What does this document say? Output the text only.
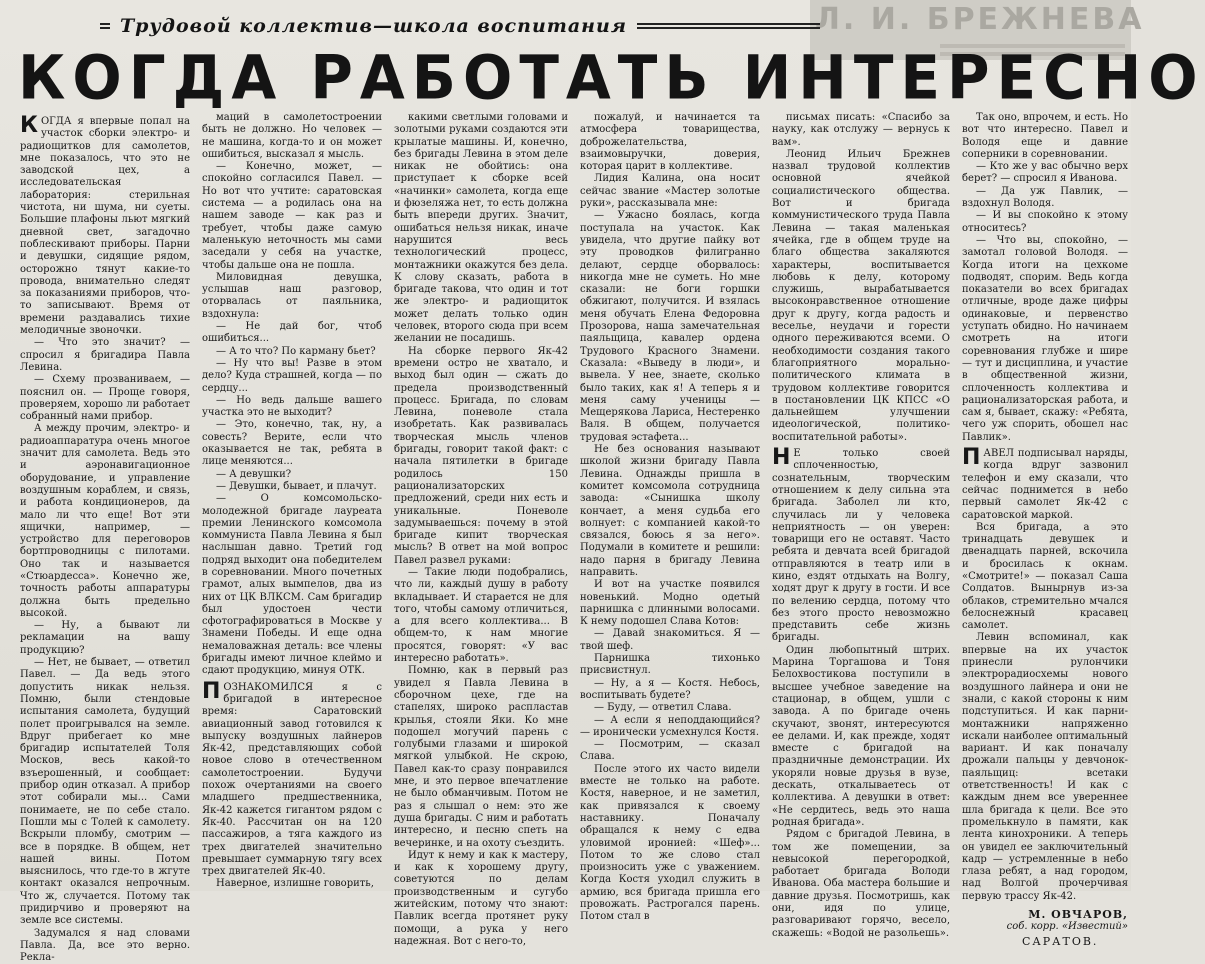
Л. И. БРЕЖНЕВА
Трудовой коллектив—школа воспитания
КОГДА РАБОТАТЬ ИНТЕРЕСНО

КОГДА я впервые попал на участок сборки электро- и радиощитков для самолетов, мне показалось, что это не заводской цех, а исследовательская лаборатория: стерильная чистота, ни шума, ни суеты. Большие плафоны льют мягкий дневной свет, загадочно поблескивают приборы. Парни и девушки, сидящие рядом, осторожно тянут какие-то провода, внимательно следят за показаниями приборов, что-то записывают. Время от времени раздавались тихие мелодичные звоночки.

— Что это значит? — спросил я бригадира Павла Левина.

— Схему прозваниваем, — пояснил он. — Проще говоря, проверяем, хорошо ли работает собранный нами прибор.

А между прочим, электро- и радиоаппаратура очень многое значит для самолета. Ведь это и аэронавигационное оборудование, и управление воздушным кораблем, и связь, и работа кондиционеров, да мало ли что еще! Вот эти ящички, например, — устройство для переговоров бортпроводницы с пилотами. Оно так и называется «Стюардесса». Конечно же, точность работы аппаратуры должна быть предельно высокой.

— Ну, а бывают ли рекламации на вашу продукцию?

— Нет, не бывает, — ответил Павел. — Да ведь этого допустить никак нельзя. Помню, были стендовые испытания самолета, будущий полет проигрывался на земле. Вдруг прибегает ко мне бригадир испытателей Толя Москов, весь какой-то взъерошенный, и сообщает: прибор один отказал. А прибор этот собирали мы... Сами понимаете, не по себе стало. Пошли мы с Толей к самолету. Вскрыли пломбу, смотрим — все в порядке. В общем, нет нашей вины. Потом выяснилось, что где-то в жгуте контакт оказался непрочным. Что ж, случается. Потому так придирчиво и проверяют на земле все системы.

Задумался я над словами Павла. Да, все это верно. Рекла-

маций в самолетостроении быть не должно. Но человек — не машина, когда-то и он может ошибиться, высказал я мысль.

— Конечно, может, — спокойно согласился Павел. — Но вот что учтите: саратовская система — а родилась она на нашем заводе — как раз и требует, чтобы даже самую маленькую неточность мы сами заседали у себя на участке, чтобы дальше она не пошла.

Миловидная девушка, услышав наш разговор, оторвалась от паяльника, вздохнула:

— Не дай бог, чтоб ошибиться...

— А то что? По карману бьет?

— Ну что вы! Разве в этом дело? Куда страшней, когда — по сердцу...

— Но ведь дальше вашего участка это не выходит?

— Это, конечно, так, ну, а совесть? Верите, если что оказывается не так, ребята в лице меняются...

— А девушки?

— Девушки, бывает, и плачут.

— О комсомольско-молодежной бригаде лауреата премии Ленинского комсомола коммуниста Павла Левина я был наслышан давно. Третий год подряд выходит она победителем в соревновании. Много почетных грамот, алых вымпелов, два из них от ЦК ВЛКСМ. Сам бригадир был удостоен чести сфотографироваться в Москве у Знамени Победы. И еще одна немаловажная деталь: все члены бригады имеют личное клеймо и сдают продукцию, минуя ОТК.

ПОЗНАКОМИЛСЯ я с бригадой в интересное время: Саратовский авиационный завод готовился к выпуску воздушных лайнеров Як-42, представляющих собой новое слово в отечественном самолетостроении. Будучи похож очертаниями на своего младшего предшественника, Як-42 кажется гигантом рядом с Як-40. Рассчитан он на 120 пассажиров, а тяга каждого из трех двигателей значительно превышает суммарную тягу всех трех двигателей Як-40.

Наверное, излишне говорить,

какими светлыми головами и золотыми руками создаются эти крылатые машины. И, конечно, без бригады Левина в этом деле никак не обойтись: она приступает к сборке всей «начинки» самолета, когда еще и фюзеляжа нет, то есть должна быть впереди других. Значит, ошибаться нельзя никак, иначе нарушится весь технологический процесс, монтажники окажутся без дела. К слову сказать, работа в бригаде такова, что один и тот же электро- и радиощиток может делать только один человек, второго сюда при всем желании не посадишь.

На сборке первого Як-42 времени остро не хватало, и выход был один — сжать до предела производственный процесс. Бригада, по словам Левина, поневоле стала изобретать. Как развивалась творческая мысль членов бригады, говорит такой факт: с начала пятилетки в бригаде родилось 150 рационализаторских предложений, среди них есть и уникальные. Поневоле задумываешься: почему в этой бригаде кипит творческая мысль? В ответ на мой вопрос Павел развел руками:

— Такие люди подобрались, что ли, каждый душу в работу вкладывает. И старается не для того, чтобы самому отличиться, а для всего коллектива... В общем-то, к нам многие просятся, говорят: «У вас интересно работать».

Помню, как в первый раз увидел я Павла Левина в сборочном цехе, где на стапелях, широко распластав крылья, стояли Яки. Ко мне подошел могучий парень с голубыми глазами и широкой мягкой улыбкой. Не скрою, Павел как-то сразу понравился мне, и это первое впечатление не было обманчивым. Потом не раз я слышал о нем: это же душа бригады. С ним и работать интересно, и песню спеть на вечеринке, и на охоту съездить.

Идут к нему и как к мастеру, и как к хорошему другу, советуются по делам производственным и сугубо житейским, потому что знают: Павлик всегда протянет руку помощи, а рука у него надежная. Вот с него-то,

пожалуй, и начинается та атмосфера товарищества, доброжелательства, взаимовыручки, доверия, которая царит в коллективе.

Лидия Калина, она носит сейчас звание «Мастер золотые руки», рассказывала мне:

— Ужасно боялась, когда поступала на участок. Как увидела, что другие пайку вот эту проводков филигранно делают, сердце оборвалось: никогда мне не суметь. Но мне сказали: не боги горшки обжигают, получится. И взялась меня обучать Елена Федоровна Прозорова, наша замечательная паяльщица, кавалер ордена Трудового Красного Знамени. Сказала: «Выведу в люди», и вывела. У нее, знаете, сколько было таких, как я! А теперь я и меня саму ученицы — Мещерякова Лариса, Нестеренко Валя. В общем, получается трудовая эстафета...

Не без основания называют школой жизни бригаду Павла Левина. Однажды пришла в комитет комсомола сотрудница завода: «Сынишка школу кончает, а меня судьба его волнует: с компанией какой-то связался, боюсь я за него». Подумали в комитете и решили: надо парня в бригаду Левина направить.

И вот на участке появился новенький. Модно одетый парнишка с длинными волосами. К нему подошел Слава Котов:

— Давай знакомиться. Я — твой шеф.

Парнишка тихонько присвистнул.

— Ну, а я — Костя. Небось, воспитывать будете?

— Буду, — ответил Слава.

— А если я неподдающийся? — иронически усмехнулся Костя.

— Посмотрим, — сказал Слава.

После этого их часто видели вместе не только на работе. Костя, наверное, и не заметил, как привязался к своему наставнику. Поначалу обращался к нему с едва уловимой иронией: «Шеф»... Потом то же слово стал произносить уже с уважением. Когда Костя уходил служить в армию, вся бригада пришла его провожать. Растрогался парень. Потом стал в

письмах писать: «Спасибо за науку, как отслужу — вернусь к вам».

Леонид Ильич Брежнев назвал трудовой коллектив основной ячейкой социалистического общества. Вот и бригада коммунистического труда Павла Левина — такая маленькая ячейка, где в общем труде на благо общества закаляются характеры, воспитывается любовь к делу, которому служишь, вырабатывается высоконравственное отношение друг к другу, когда радость и веселье, неудачи и горести одного переживаются всеми. О необходимости создания такого благоприятного морально-политического климата в трудовом коллективе говорится в постановлении ЦК КПСС «О дальнейшем улучшении идеологической, политико-воспитательной работы».

НЕ только своей сплоченностью, сознательным, творческим отношением к делу сильна эта бригада. Заболел ли кто, случилась ли у человека неприятность — он уверен: товарищи его не оставят. Часто ребята и девчата всей бригадой отправляются в театр или в кино, ездят отдыхать на Волгу, ходят друг к другу в гости. И все по велению сердца, потому что без этого просто невозможно представить себе жизнь бригады.

Один любопытный штрих. Марина Торгашова и Тоня Белохвостикова поступили в высшее учебное заведение на стационар, в общем, ушли с завода. А по бригаде очень скучают, звонят, интересуются ее делами. И, как прежде, ходят вместе с бригадой на праздничные демонстрации. Их укоряли новые друзья в вузе, дескать, откалываетесь от коллектива. А девушки в ответ: «Не сердитесь, ведь это наша родная бригада».

Рядом с бригадой Левина, в том же помещении, за невысокой перегородкой, работает бригада Володи Иванова. Оба мастера большие и давние друзья. Посмотришь, как они, идя по улице, разговаривают горячо, весело, скажешь: «Водой не разольешь».

Так оно, впрочем, и есть. Но вот что интересно. Павел и Володя еще и давние соперники в соревновании.

— Кто же у вас обычно верх берет? — спросил я Иванова.

— Да уж Павлик, — вздохнул Володя.

— И вы спокойно к этому относитесь?

— Что вы, спокойно, — замотал головой Володя. — Когда итоги на цехкоме подводят, спорим. Ведь когда показатели во всех бригадах отличные, вроде даже цифры одинаковые, и первенство уступать обидно. Но начинаем смотреть на итоги соревнования глубже и шире — тут и дисциплина, и участие в общественной жизни, сплоченность коллектива и рационализаторская работа, и сам я, бывает, скажу: «Ребята, чего уж спорить, обошел нас Павлик».

ПАВЕЛ подписывал наряды, когда вдруг зазвонил телефон и ему сказали, что сейчас поднимется в небо первый самолет Як-42 с саратовской маркой.

Вся бригада, а это тринадцать девушек и двенадцать парней, вскочила и бросилась к окнам. «Смотрите!» — показал Саша Солдатов. Вынырнув из-за облаков, стремительно мчался белоснежный красавец самолет.

Левин вспоминал, как впервые на их участок принесли рулончики электрорадиосхемы нового воздушного лайнера и они не знали, с какой стороны к ним подступиться. И как парни-монтажники напряженно искали наиболее оптимальный вариант. И как поначалу дрожали пальцы у девчонок-паяльщиц: всетаки ответственность! И как с каждым днем все увереннее шла бригада к цели. Все это промелькнуло в памяти, как лента кинохроники. А теперь он увидел ее заключительный кадр — устремленные в небо глаза ребят, а над городом, над Волгой прочерчивая первую трассу Як-42.

М. ОВЧАРОВ,
соб. корр. «Известий»
САРАТОВ.
